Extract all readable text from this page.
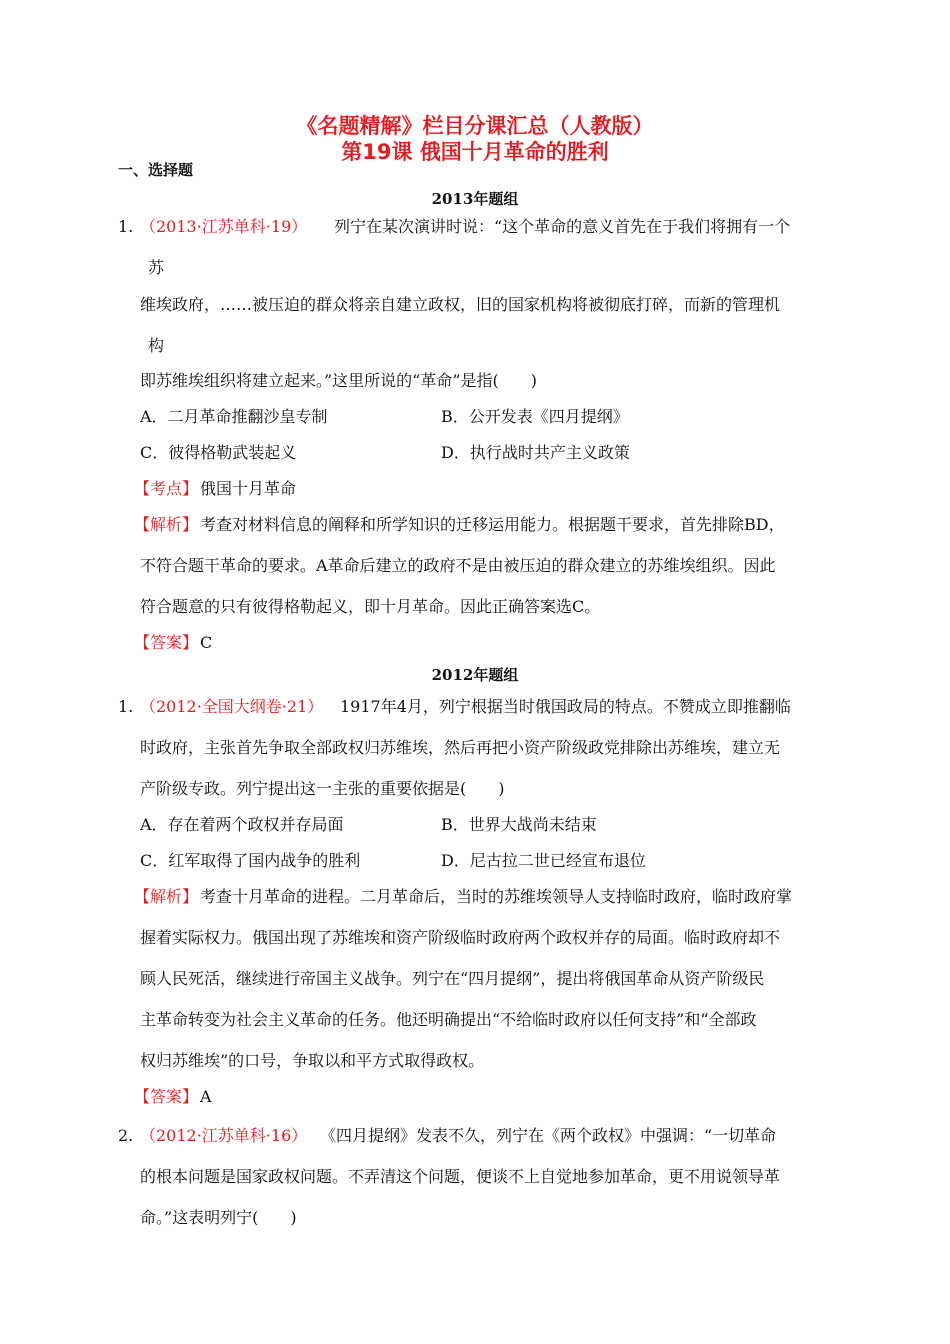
《名题精解》栏目分课汇总（人教版）
第19课 俄国十月革命的胜利
一、选择题
2013年题组
1. （2013·江苏单科·19） 列宁在某次演讲时说：“这个革命的意义首先在于我们将拥有一个
苏
维埃政府，……被压迫的群众将亲自建立政权，旧的国家机构将被彻底打碎，而新的管理机
构
即苏维埃组织将建立起来。”这里所说的“革命”是指(　　)
A．二月革命推翻沙皇专制	B．公开发表《四月提纲》
C．彼得格勒武装起义	D．执行战时共产主义政策
【考点】 俄国十月革命
【解析】 考查对材料信息的阐释和所学知识的迁移运用能力。根据题干要求，首先排除BD，
不符合题干革命的要求。A革命后建立的政府不是由被压迫的群众建立的苏维埃组织。因此
符合题意的只有彼得格勒起义，即十月革命。因此正确答案选C。
【答案】 C
2012年题组
1. （2012·全国大纲卷·21） 1917年4月，列宁根据当时俄国政局的特点。不赞成立即推翻临
时政府，主张首先争取全部政权归苏维埃，然后再把小资产阶级政党排除出苏维埃，建立无
产阶级专政。列宁提出这一主张的重要依据是(　　)
A．存在着两个政权并存局面	B．世界大战尚未结束
C．红军取得了国内战争的胜利	D．尼古拉二世已经宣布退位
【解析】 考查十月革命的进程。二月革命后，当时的苏维埃领导人支持临时政府，临时政府掌
握着实际权力。俄国出现了苏维埃和资产阶级临时政府两个政权并存的局面。临时政府却不
顾人民死活，继续进行帝国主义战争。列宁在“四月提纲”，提出将俄国革命从资产阶级民
主革命转变为社会主义革命的任务。他还明确提出“不给临时政府以任何支持”和“全部政
权归苏维埃”的口号，争取以和平方式取得政权。
【答案】 A
2. （2012·江苏单科·16） 《四月提纲》发表不久，列宁在《两个政权》中强调：“一切革命
的根本问题是国家政权问题。不弄清这个问题，便谈不上自觉地参加革命，更不用说领导革
命。”这表明列宁(　　)
